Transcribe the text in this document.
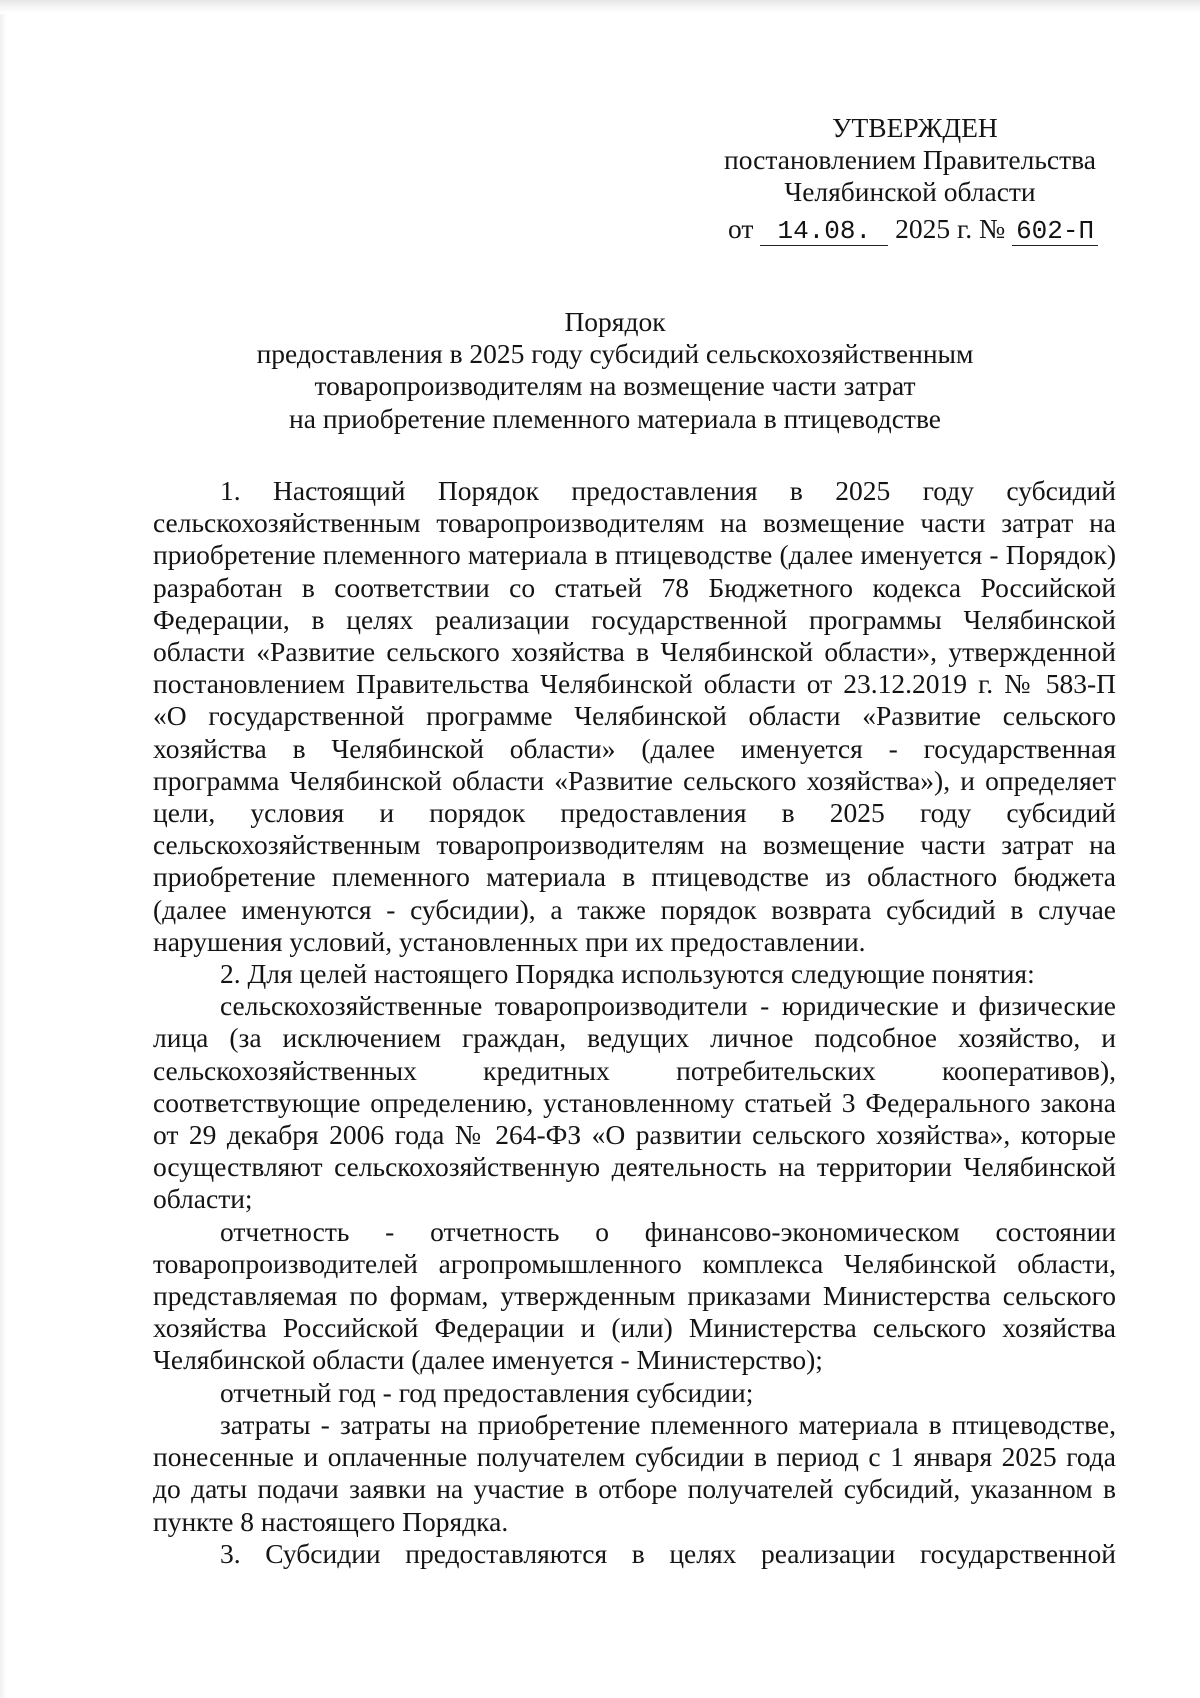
УТВЕРЖДЕН
постановлением Правительства
Челябинской области
от 14.08. 2025 г. № 602-П
Порядок
предоставления в 2025 году субсидий сельскохозяйственным
товаропроизводителям на возмещение части затрат
на приобретение племенного материала в птицеводстве

1. Настоящий Порядок предоставления в 2025 году субсидий сельскохозяйственным товаропроизводителям на возмещение части затрат на приобретение племенного материала в птицеводстве (далее именуется - Порядок) разработан в соответствии со статьей 78 Бюджетного кодекса Российской Федерации, в целях реализации государственной программы Челябинской области «Развитие сельского хозяйства в Челябинской области», утвержденной постановлением Правительства Челябинской области от 23.12.2019 г. № 583-П «О государственной программе Челябинской области «Развитие сельского хозяйства в Челябинской области» (далее именуется - государственная программа Челябинской области «Развитие сельского хозяйства»), и определяет цели, условия и порядок предоставления в 2025 году субсидий сельскохозяйственным товаропроизводителям на возмещение части затрат на приобретение племенного материала в птицеводстве из областного бюджета (далее именуются - субсидии), а также порядок возврата субсидий в случае нарушения условий, установленных при их предоставлении.

2. Для целей настоящего Порядка используются следующие понятия:

сельскохозяйственные товаропроизводители - юридические и физические лица (за исключением граждан, ведущих личное подсобное хозяйство, и сельскохозяйственных кредитных потребительских кооперативов), соответствующие определению, установленному статьей 3 Федерального закона от 29 декабря 2006 года № 264-ФЗ «О развитии сельского хозяйства», которые осуществляют сельскохозяйственную деятельность на территории Челябинской области;

отчетность - отчетность о финансово-экономическом состоянии товаропроизводителей агропромышленного комплекса Челябинской области, представляемая по формам, утвержденным приказами Министерства сельского хозяйства Российской Федерации и (или) Министерства сельского хозяйства Челябинской области (далее именуется - Министерство);

отчетный год - год предоставления субсидии;

затраты - затраты на приобретение племенного материала в птицеводстве, понесенные и оплаченные получателем субсидии в период с 1 января 2025 года до даты подачи заявки на участие в отборе получателей субсидий, указанном в пункте 8 настоящего Порядка.

3. Субсидии предоставляются в целях реализации государственной
